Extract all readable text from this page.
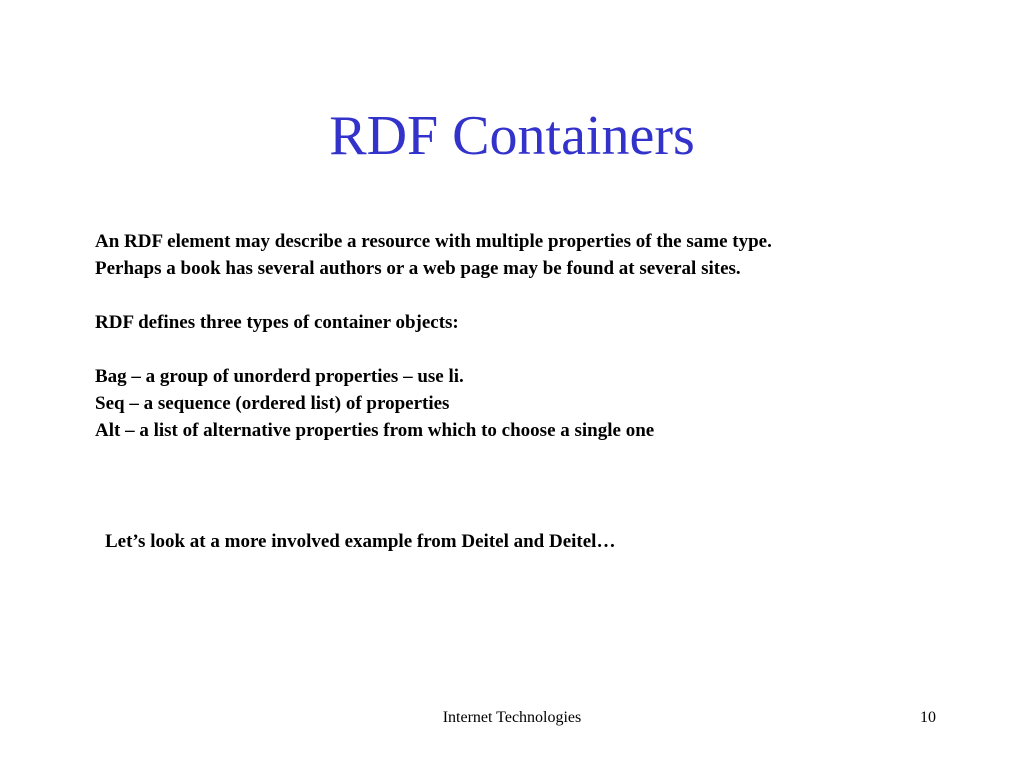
RDF Containers

An RDF element may describe a resource with multiple properties of the same type.

Perhaps a book has several authors or a web page may be found at several sites.

RDF defines three types of container objects:

Bag – a group of unorderd properties – use li.

Seq – a sequence (ordered list) of properties

Alt – a list of alternative properties from which to choose a single one

Let’s look at a more involved example from Deitel and Deitel…

Internet Technologies	10
